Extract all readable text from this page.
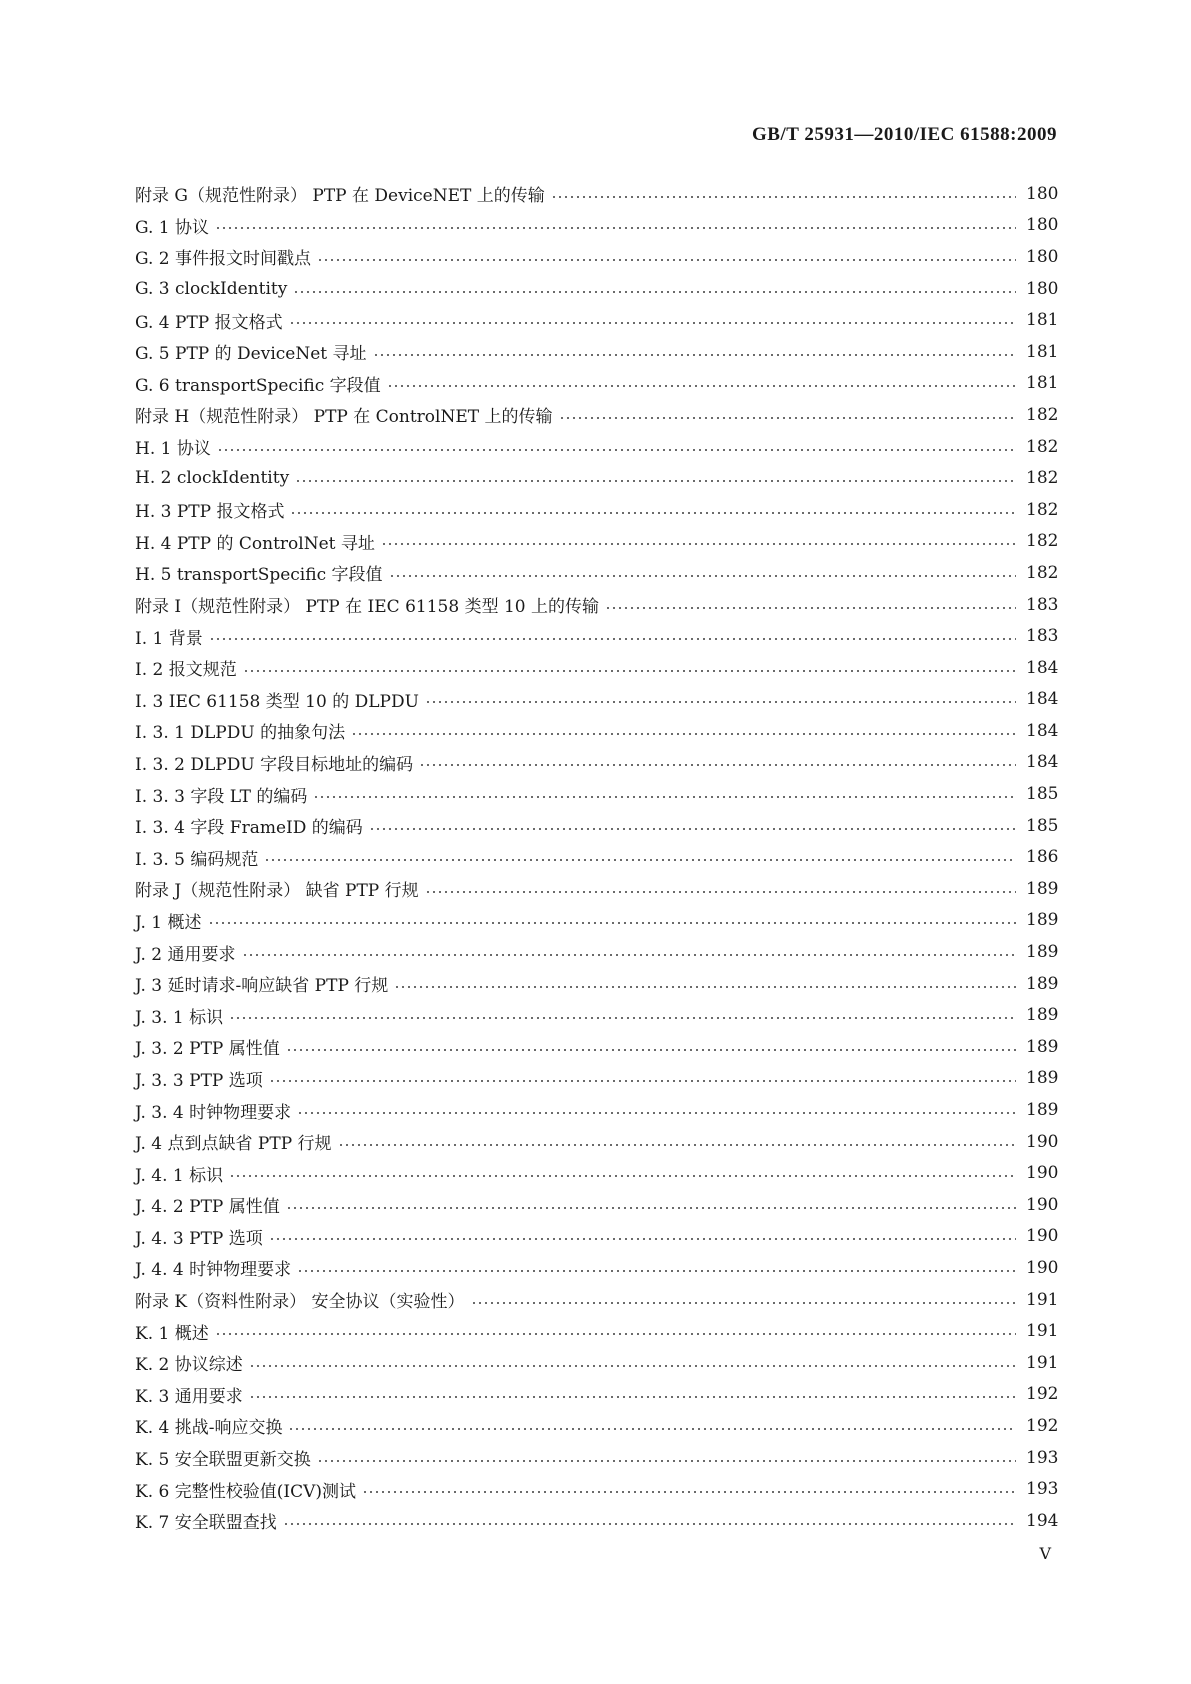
GB/T 25931—2010/IEC 61588:2009
附录 G（规范性附录） PTP 在 DeviceNET 上的传输	180
G. 1 协议	180
G. 2 事件报文时间戳点	180
G. 3 clockIdentity	180
G. 4 PTP 报文格式	181
G. 5 PTP 的 DeviceNet 寻址	181
G. 6 transportSpecific 字段值	181
附录 H（规范性附录） PTP 在 ControlNET 上的传输	182
H. 1 协议	182
H. 2 clockIdentity	182
H. 3 PTP 报文格式	182
H. 4 PTP 的 ControlNet 寻址	182
H. 5 transportSpecific 字段值	182
附录 I（规范性附录） PTP 在 IEC 61158 类型 10 上的传输	183
I. 1 背景	183
I. 2 报文规范	184
I. 3 IEC 61158 类型 10 的 DLPDU	184
I. 3. 1 DLPDU 的抽象句法	184
I. 3. 2 DLPDU 字段目标地址的编码	184
I. 3. 3 字段 LT 的编码	185
I. 3. 4 字段 FrameID 的编码	185
I. 3. 5 编码规范	186
附录 J（规范性附录） 缺省 PTP 行规	189
J. 1 概述	189
J. 2 通用要求	189
J. 3 延时请求-响应缺省 PTP 行规	189
J. 3. 1 标识	189
J. 3. 2 PTP 属性值	189
J. 3. 3 PTP 选项	189
J. 3. 4 时钟物理要求	189
J. 4 点到点缺省 PTP 行规	190
J. 4. 1 标识	190
J. 4. 2 PTP 属性值	190
J. 4. 3 PTP 选项	190
J. 4. 4 时钟物理要求	190
附录 K（资料性附录） 安全协议（实验性）	191
K. 1 概述	191
K. 2 协议综述	191
K. 3 通用要求	192
K. 4 挑战-响应交换	192
K. 5 安全联盟更新交换	193
K. 6 完整性校验值(ICV)测试	193
K. 7 安全联盟查找	194
V
